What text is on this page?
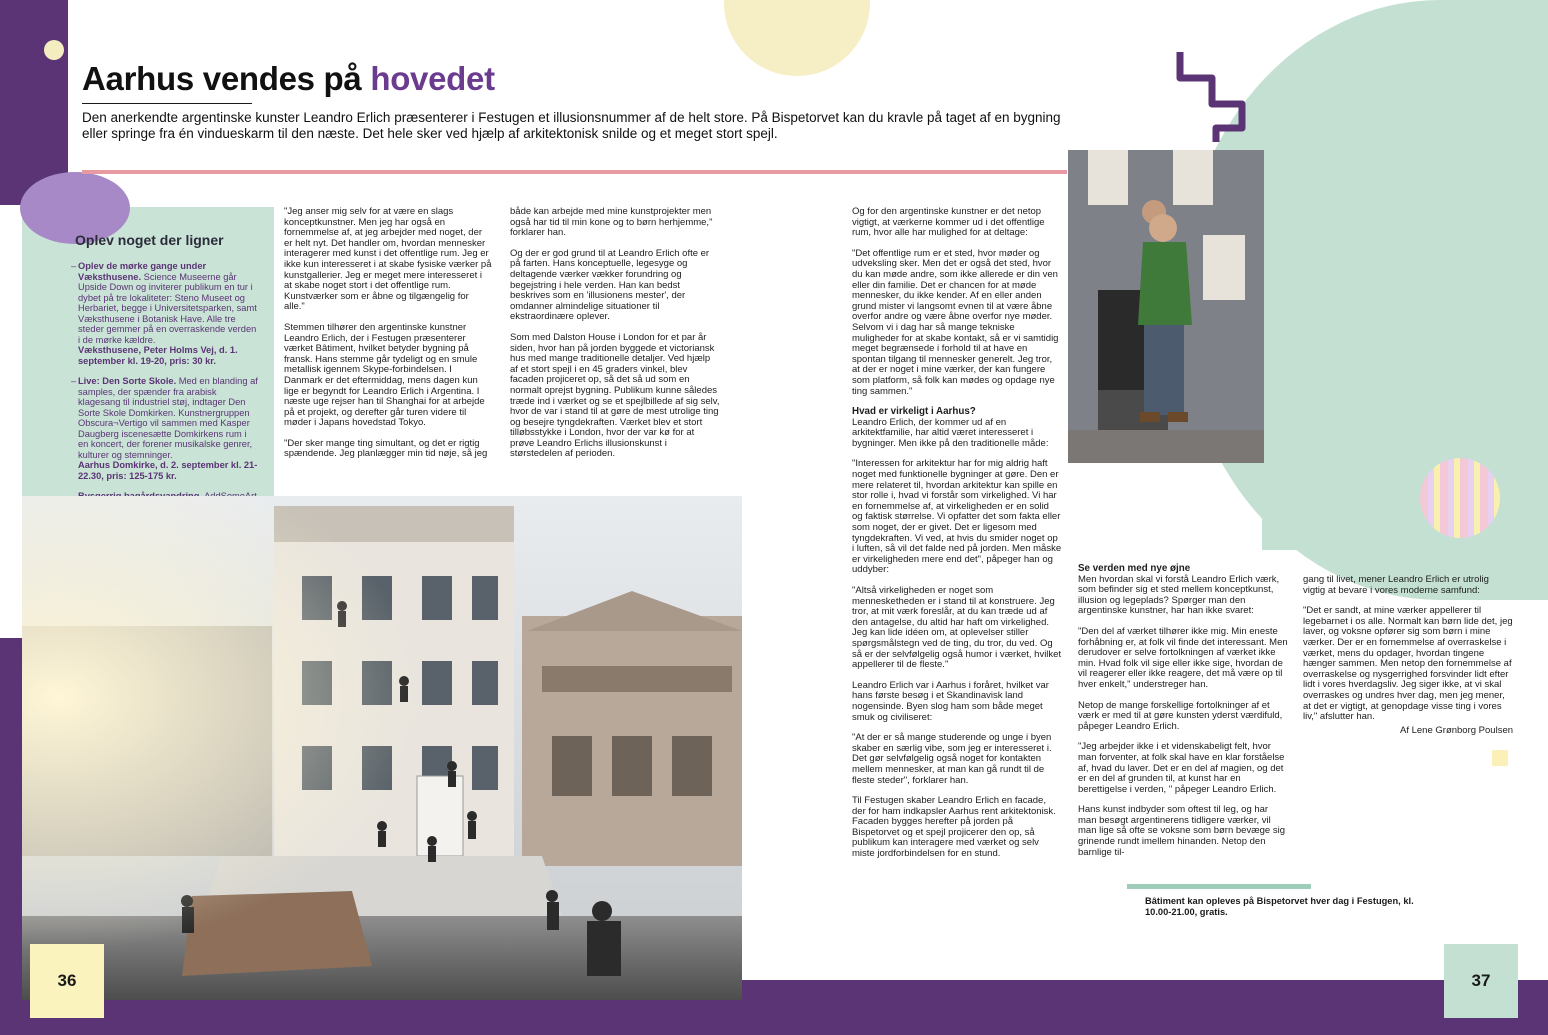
Aarhus vendes på hovedet
Den anerkendte argentinske kunster Leandro Erlich præsenterer i Festugen et illusionsnummer af de helt store. På Bispetorvet kan du kravle på taget af en bygning eller springe fra én vindueskarm til den næste. Det hele sker ved hjælp af arkitektonisk snilde og et meget stort spejl.
Oplev noget der ligner
– Oplev de mørke gange under Væksthusene. Science Museerne går Upside Down og inviterer publikum en tur i dybet på tre lokaliteter: Steno Museet og Herbariet, begge i Universitetsparken, samt Væksthusene i Botanisk Have. Alle tre steder gemmer på en overraskende verden i de mørke kældre.
Væksthusene, Peter Holms Vej, d. 1. september kl. 19-20, pris: 30 kr.
– Live: Den Sorte Skole. Med en blanding af samples, der spænder fra arabisk klagesang til industriel støj, indtager Den Sorte Skole Domkirken. Kunstnergruppen Obscura¬Vertigo vil sammen med Kasper Daugberg iscenesætte Domkirkens rum i en koncert, der forener musikalske genrer, kulturer og stemninger.
Aarhus Domkirke, d. 2. september kl. 21-22.30, pris: 125-175 kr.

"Jeg anser mig selv for at være en slags konceptkunstner. Men jeg har også en fornemmelse af, at jeg arbejder med noget, der er helt nyt. Det handler om, hvordan mennesker interagerer med kunst i det offentlige rum. Jeg er ikke kun interesseret i at skabe fysiske værker på kunstgallerier. Jeg er meget mere interesseret i at skabe noget stort i det offentlige rum. Kunstværker som er åbne og tilgængelig for alle."

Stemmen tilhører den argentinske kunstner Leandro Erlich, der i Festugen præsenterer værket Bâtiment, hvilket betyder bygning på fransk. Hans stemme går tydeligt og en smule metallisk igennem Skype-forbindelsen. I Danmark er det eftermiddag, mens dagen kun lige er begyndt for Leandro Erlich i Argentina. I næste uge rejser han til Shanghai for at arbejde på et projekt, og derefter går turen videre til møder i Japans hovedstad Tokyo.

"Der sker mange ting simultant, og det er rigtig spændende. Jeg planlægger min tid nøje, så jeg

både kan arbejde med mine kunstprojekter men også har tid til min kone og to børn herhjemme," forklarer han.

Og der er god grund til at Leandro Erlich ofte er på farten. Hans konceptuelle, legesyge og deltagende værker vækker forundring og begejstring i hele verden. Han kan bedst beskrives som en 'illusionens mester', der omdanner almindelige situationer til ekstraordinære oplever.

Som med Dalston House i London for et par år siden, hvor han på jorden byggede et victoriansk hus med mange traditionelle detaljer. Ved hjælp af et stort spejl i en 45 graders vinkel, blev facaden projiceret op, så det så ud som en normalt oprejst bygning. Publikum kunne således træde ind i værket og se et spejlbillede af sig selv, hvor de var i stand til at gøre de mest utrolige ting og besejre tyngdekraften. Værket blev et stort tilløbsstykke i London, hvor der var kø for at prøve Leandro Erlichs illusionskunst i størstedelen af perioden.

Og for den argentinske kunstner er det netop vigtigt, at værkerne kommer ud i det offentlige rum, hvor alle har mulighed for at deltage:

"Det offentlige rum er et sted, hvor møder og udveksling sker. Men det er også det sted, hvor du kan møde andre, som ikke allerede er din ven eller din familie. Det er chancen for at møde mennesker, du ikke kender. Af en eller anden grund mister vi langsomt evnen til at være åbne overfor andre og være åbne overfor nye møder. Selvom vi i dag har så mange tekniske muligheder for at skabe kontakt, så er vi samtidig meget begrænsede i forhold til at have en spontan tilgang til mennesker generelt. Jeg tror, at der er noget i mine værker, der kan fungere som platform, så folk kan mødes og opdage nye ting sammen."

Hvad er virkeligt i Aarhus?

Leandro Erlich, der kommer ud af en arkitektfamilie, har altid været interesseret i bygninger. Men ikke på den traditionelle måde:

"Interessen for arkitektur har for mig aldrig haft noget med funktionelle bygninger at gøre. Den er mere relateret til, hvordan arkitektur kan spille en stor rolle i, hvad vi forstår som virkelighed. Vi har en fornemmelse af, at virkeligheden er en solid og faktisk størrelse. Vi opfatter det som fakta eller som noget, der er givet. Det er ligesom med tyngdekraften. Vi ved, at hvis du smider noget op i luften, så vil det falde ned på jorden. Men måske er virkeligheden mere end det", påpeger han og uddyber:

"Altså virkeligheden er noget som mennesketheden er i stand til at konstruere. Jeg tror, at mit værk foreslår, at du kan træde ud af den antagelse, du altid har haft om virkelighed. Jeg kan lide idéen om, at oplevelser stiller spørgsmålstegn ved de ting, du tror, du ved. Og så er der selvfølgelig også humor i værket, hvilket appellerer til de fleste."

Leandro Erlich var i Aarhus i foråret, hvilket var hans første besøg i et Skandinavisk land nogensinde. Byen slog ham som både meget smuk og civiliseret:

"At der er så mange studerende og unge i byen skaber en særlig vibe, som jeg er interesseret i. Det gør selvfølgelig også noget for kontakten mellem mennesker, at man kan gå rundt til de fleste steder", forklarer han.

Til Festugen skaber Leandro Erlich en facade, der for ham indkapsler Aarhus rent arkitektonisk. Facaden bygges herefter på jorden på Bispetorvet og et spejl projicerer den op, så publikum kan interagere med værket og selv miste jordforbindelsen for en stund.

Se verden med nye øjne

Men hvordan skal vi forstå Leandro Erlich værk, som befinder sig et sted mellem konceptkunst, illusion og legeplads? Spørger man den argentinske kunstner, har han ikke svaret:

"Den del af værket tilhører ikke mig. Min eneste forhåbning er, at folk vil finde det interessant. Men derudover er selve fortolkningen af værket ikke min. Hvad folk vil sige eller ikke sige, hvordan de vil reagerer eller ikke reagere, det må være op til hver enkelt," understreger han.

Netop de mange forskellige fortolkninger af et værk er med til at gøre kunsten yderst værdifuld, påpeger Leandro Erlich.

"Jeg arbejder ikke i et videnskabeligt felt, hvor man forventer, at folk skal have en klar forståelse af, hvad du laver. Det er en del af magien, og det er en del af grunden til, at kunst har en berettigelse i verden, " påpeger Leandro Erlich.

Hans kunst indbyder som oftest til leg, og har man besøgt argentinerens tidligere værker, vil man lige så ofte se voksne som børn bevæge sig grinende rundt imellem hinanden. Netop den barnlige til-

gang til livet, mener Leandro Erlich er utrolig vigtig at bevare i vores moderne samfund:

"Det er sandt, at mine værker appellerer til legebarnet i os alle. Normalt kan børn lide det, jeg laver, og voksne opfører sig som børn i mine værker. Der er en fornemmelse af overraskelse i værket, mens du opdager, hvordan tingene hænger sammen. Men netop den fornemmelse af overraskelse og nysgerrighed forsvinder lidt efter lidt i vores hverdagsliv. Jeg siger ikke, at vi skal overraskes og undres hver dag, men jeg mener, at det er vigtigt, at genopdage visse ting i vores liv," afslutter han.

Af Lene Grønborg Poulsen
Bâtiment kan opleves på Bispetorvet hver dag i Festugen, kl. 10.00-21.00, gratis.
36	37
